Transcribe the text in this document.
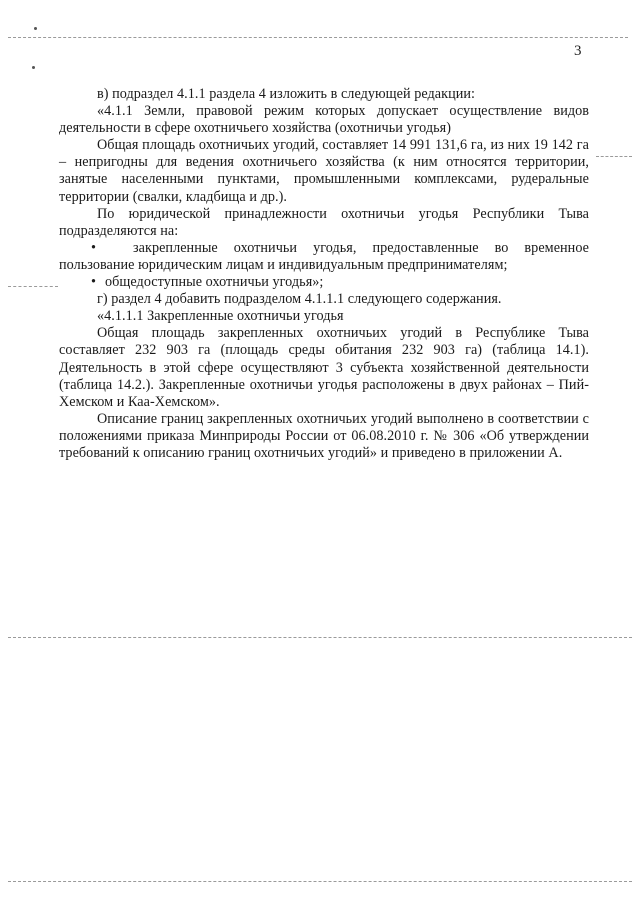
3

в) подраздел 4.1.1 раздела 4 изложить в следующей редакции:

«4.1.1 Земли, правовой режим которых допускает осуществление видов деятельности в сфере охотничьего хозяйства (охотничьи угодья)

Общая площадь охотничьих угодий, составляет 14 991 131,6 га, из них 19 142 га – непригодны для ведения охотничьего хозяйства (к ним относятся территории, занятые населенными пунктами, промышленными комплексами, рудеральные территории (свалки, кладбища и др.).

По юридической принадлежности охотничьи угодья Республики Тыва подразделяются на:

•	закрепленные охотничьи угодья, предоставленные во временное пользование юридическим лицам и индивидуальным предпринимателям;

• общедоступные охотничьи угодья»;

г) раздел 4 добавить подразделом 4.1.1.1 следующего содержания.

«4.1.1.1 Закрепленные охотничьи угодья

Общая площадь закрепленных охотничьих угодий в Республике Тыва составляет 232 903 га (площадь среды обитания 232 903 га) (таблица 14.1). Деятельность в этой сфере осуществляют 3 субъекта хозяйственной деятельности (таблица 14.2.). Закрепленные охотничьи угодья расположены в двух районах – Пий-Хемском и Каа-Хемском».

Описание границ закрепленных охотничьих угодий выполнено в соответствии с положениями приказа Минприроды России от 06.08.2010 г. № 306 «Об утверждении требований к описанию границ охотничьих угодий» и приведено в приложении А.
